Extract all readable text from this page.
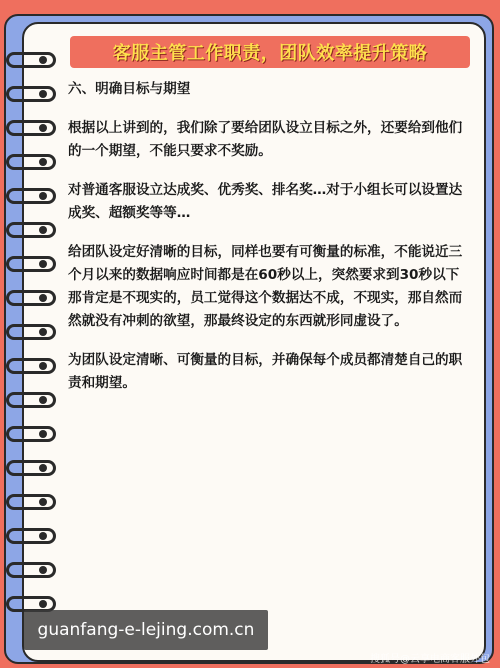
客服主管工作职责，团队效率提升策略
六、明确目标与期望

根据以上讲到的，我们除了要给团队设立目标之外，还要给到他们的一个期望，不能只要求不奖励。

对普通客服设立达成奖、优秀奖、排名奖…对于小组长可以设置达成奖、超额奖等等…

给团队设定好清晰的目标，同样也要有可衡量的标准，不能说近三个月以来的数据响应时间都是在60秒以上，突然要求到30秒以下那肯定是不现实的，员工觉得这个数据达不成，不现实，那自然而然就没有冲刺的欲望，那最终设定的东西就形同虚设了。

为团队设定清晰、可衡量的目标，并确保每个成员都清楚自己的职责和期望。

guanfang-e-lejing.com.cn
搜狐号@云享电商客服外包
